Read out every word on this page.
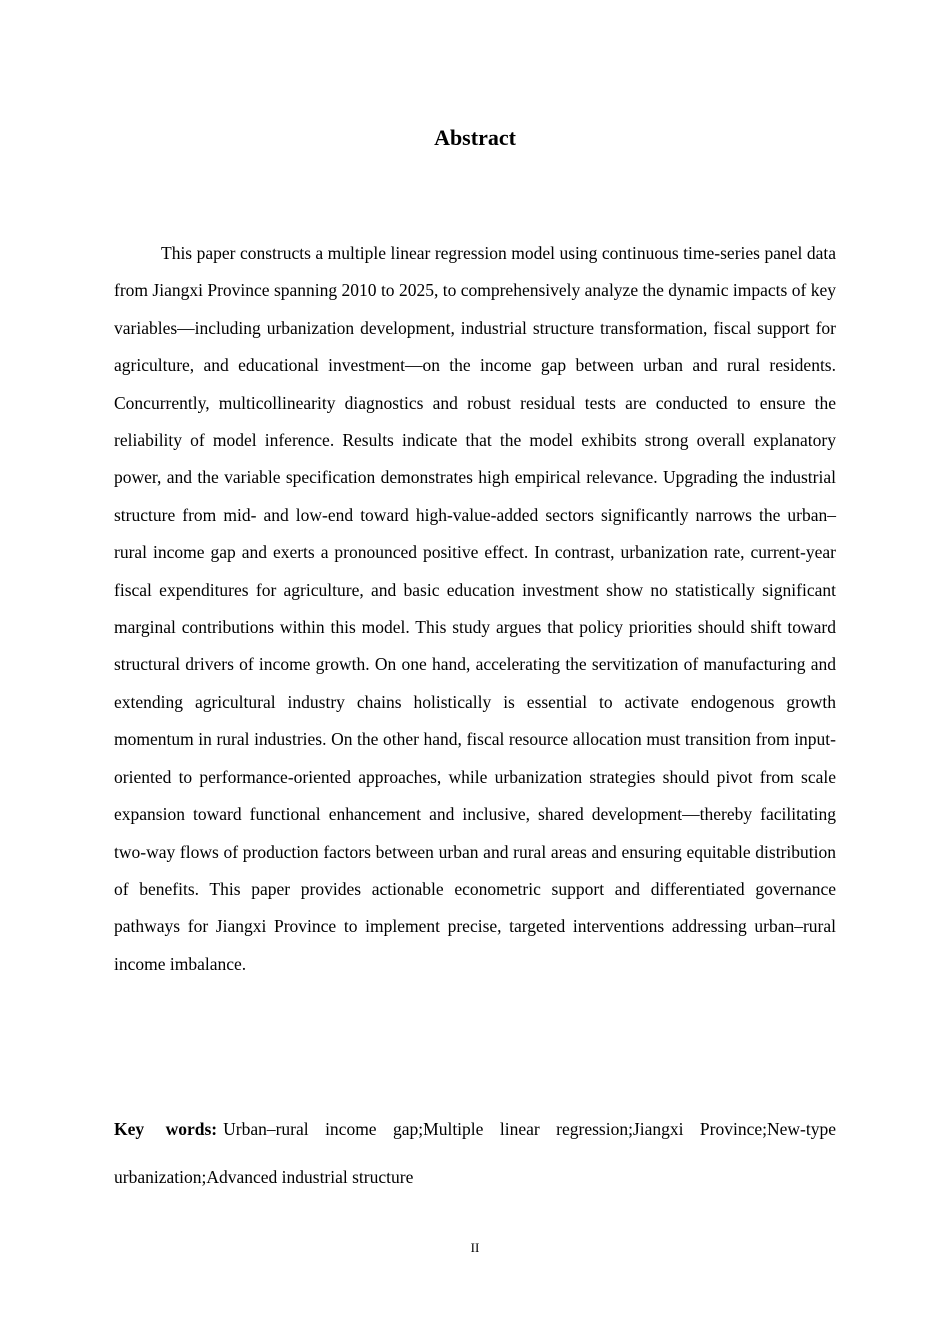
Abstract

This paper constructs a multiple linear regression model using continuous time-series panel data from Jiangxi Province spanning 2010 to 2025, to comprehensively analyze the dynamic impacts of key variables—including urbanization development, industrial structure transformation, fiscal support for agriculture, and educational investment—on the income gap between urban and rural residents. Concurrently, multicollinearity diagnostics and robust residual tests are conducted to ensure the reliability of model inference. Results indicate that the model exhibits strong overall explanatory power, and the variable specification demonstrates high empirical relevance. Upgrading the industrial structure from mid- and low-end toward high-value-added sectors significantly narrows the urban–rural income gap and exerts a pronounced positive effect. In contrast, urbanization rate, current-year fiscal expenditures for agriculture, and basic education investment show no statistically significant marginal contributions within this model. This study argues that policy priorities should shift toward structural drivers of income growth. On one hand, accelerating the servitization of manufacturing and extending agricultural industry chains holistically is essential to activate endogenous growth momentum in rural industries. On the other hand, fiscal resource allocation must transition from input-oriented to performance-oriented approaches, while urbanization strategies should pivot from scale expansion toward functional enhancement and inclusive, shared development—thereby facilitating two-way flows of production factors between urban and rural areas and ensuring equitable distribution of benefits. This paper provides actionable econometric support and differentiated governance pathways for Jiangxi Province to implement precise, targeted interventions addressing urban–rural income imbalance.

Key words: Urban–rural income gap;Multiple linear regression;Jiangxi Province;New-type urbanization;Advanced industrial structure

II
